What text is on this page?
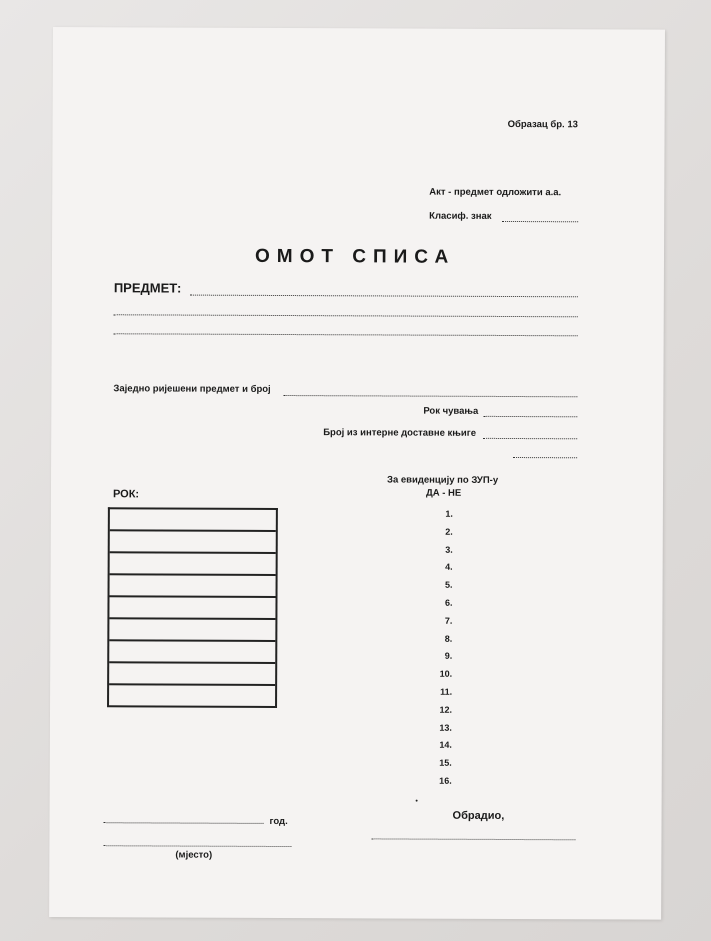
Образац бр. 13
Акт - предмет одложити а.а.
Класиф. знак
ОМОТ СПИСА
ПРЕДМЕТ:
Заједно ријешени предмет и број
Рок чувања
Број из интерне доставне књиге
За евиденцију по ЗУП-у
ДА - НЕ
РОК:
1.
2.
3.
4.
5.
6.
7.
8.
9.
10.
11.
12.
13.
14.
15.
16.
год.
(мјесто)
Обрадио,
